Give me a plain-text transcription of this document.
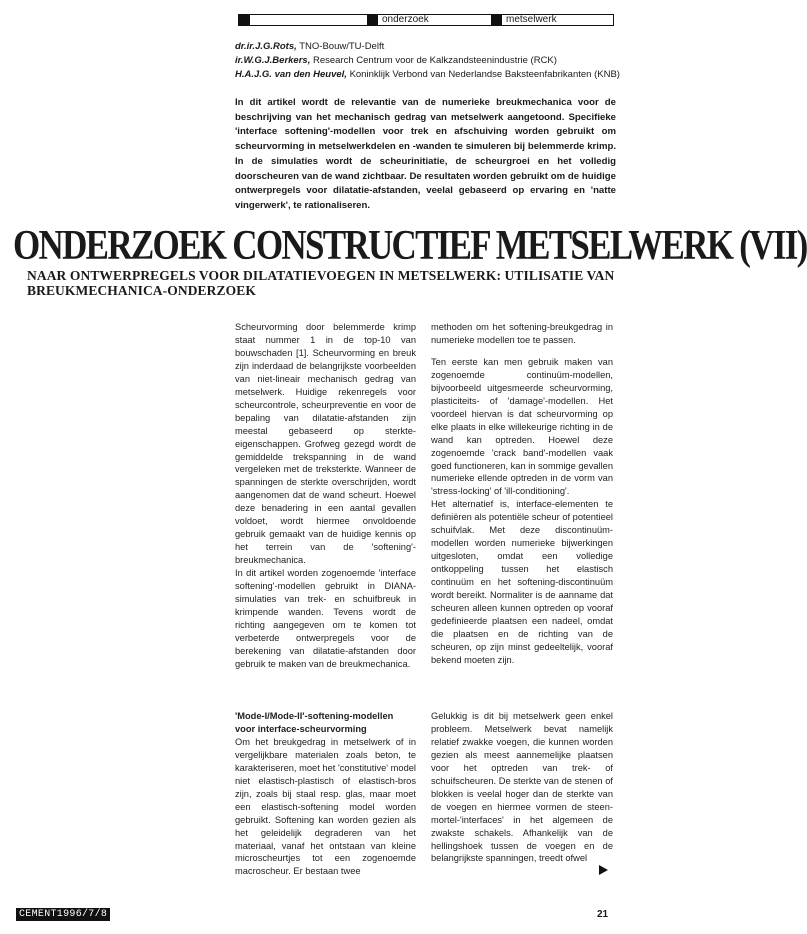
onderzoek	metselwerk
dr.ir.J.G.Rots, TNO-Bouw/TU-Delft
ir.W.G.J.Berkers, Research Centrum voor de Kalkzandsteenindustrie (RCK)
H.A.J.G. van den Heuvel, Koninklijk Verbond van Nederlandse Baksteenfabrikanten (KNB)
In dit artikel wordt de relevantie van de numerieke breukmechanica voor de beschrijving van het mechanisch gedrag van metselwerk aangetoond. Specifieke 'interface softening'-modellen voor trek en afschuiving worden gebruikt om scheurvorming in metselwerkdelen en -wanden te simuleren bij belemmerde krimp. In de simulaties wordt de scheurinitiatie, de scheurgroei en het volledig doorscheuren van de wand zichtbaar. De resultaten worden gebruikt om de huidige ontwerpregels voor dilatatie-afstanden, veelal gebaseerd op ervaring en 'natte vingerwerk', te rationaliseren.
ONDERZOEK CONSTRUCTIEF METSELWERK (VII)
NAAR ONTWERPREGELS VOOR DILATATIEVOEGEN IN METSELWERK: UTILISATIE VAN BREUKMECHANICA-ONDERZOEK

Scheurvorming door belemmerde krimp staat nummer 1 in de top-10 van bouwschaden [1]. Scheurvorming en breuk zijn inderdaad de belangrijkste voorbeelden van niet-lineair mechanisch gedrag van metselwerk. Huidige rekenregels voor scheurcontrole, scheurpreventie en voor de bepaling van dilatatie-afstanden zijn meestal gebaseerd op sterkte-eigenschappen. Grofweg gezegd wordt de gemiddelde trekspanning in de wand vergeleken met de treksterkte. Wanneer de spanningen de sterkte overschrijden, wordt aangenomen dat de wand scheurt. Hoewel deze benadering in een aantal gevallen voldoet, wordt hiermee onvoldoende gebruik gemaakt van de huidige kennis op het terrein van de 'softening'-breukmechanica.

In dit artikel worden zogenoemde 'interface softening'-modellen gebruikt in DIANA-simulaties van trek- en schuifbreuk in krimpende wanden. Tevens wordt de richting aangegeven om te komen tot verbeterde ontwerpregels voor de berekening van dilatatie-afstanden door gebruik te maken van de breukmechanica.

methoden om het softening-breukgedrag in numerieke modellen toe te passen.

Ten eerste kan men gebruik maken van zogenoemde continuüm-modellen, bijvoorbeeld uitgesmeerde scheurvorming, plasticiteits- of 'damage'-modellen. Het voordeel hiervan is dat scheurvorming op elke plaats in elke willekeurige richting in de wand kan optreden. Hoewel deze zogenoemde 'crack band'-modellen vaak goed functioneren, kan in sommige gevallen numerieke ellende optreden in de vorm van 'stress-locking' of 'ill-conditioning'.

Het alternatief is, interface-elementen te definiëren als potentiële scheur of potentieel schuifvlak. Met deze discontinuüm-modellen worden numerieke bijwerkingen uitgesloten, omdat een volledige ontkoppeling tussen het elastisch continuüm en het softening-discontinuüm wordt bereikt. Normaliter is de aanname dat scheuren alleen kunnen optreden op vooraf gedefinieerde plaatsen een nadeel, omdat die plaatsen en de richting van de scheuren, op zijn minst gedeeltelijk, vooraf bekend moeten zijn.

'Mode-I/Mode-II'-softening-modellen voor interface-scheurvorming

Om het breukgedrag in metselwerk of in vergelijkbare materialen zoals beton, te karakteriseren, moet het 'constitutive' model niet elastisch-plastisch of elastisch-bros zijn, zoals bij staal resp. glas, maar moet een elastisch-softening model worden gebruikt. Softening kan worden gezien als het geleidelijk degraderen van het materiaal, vanaf het ontstaan van kleine microscheurtjes tot een zogenoemde macroscheur. Er bestaan twee

Gelukkig is dit bij metselwerk geen enkel probleem. Metselwerk bevat namelijk relatief zwakke voegen, die kunnen worden gezien als meest aannemelijke plaatsen voor het optreden van trek- of schuifscheuren. De sterkte van de stenen of blokken is veelal hoger dan de sterkte van de voegen en hiermee vormen de steen-mortel-'interfaces' in het algemeen de zwakste schakels. Afhankelijk van de hellingshoek tussen de voegen en de belangrijkste spanningen, treedt ofwel

CEMENT1996/7/8	21
